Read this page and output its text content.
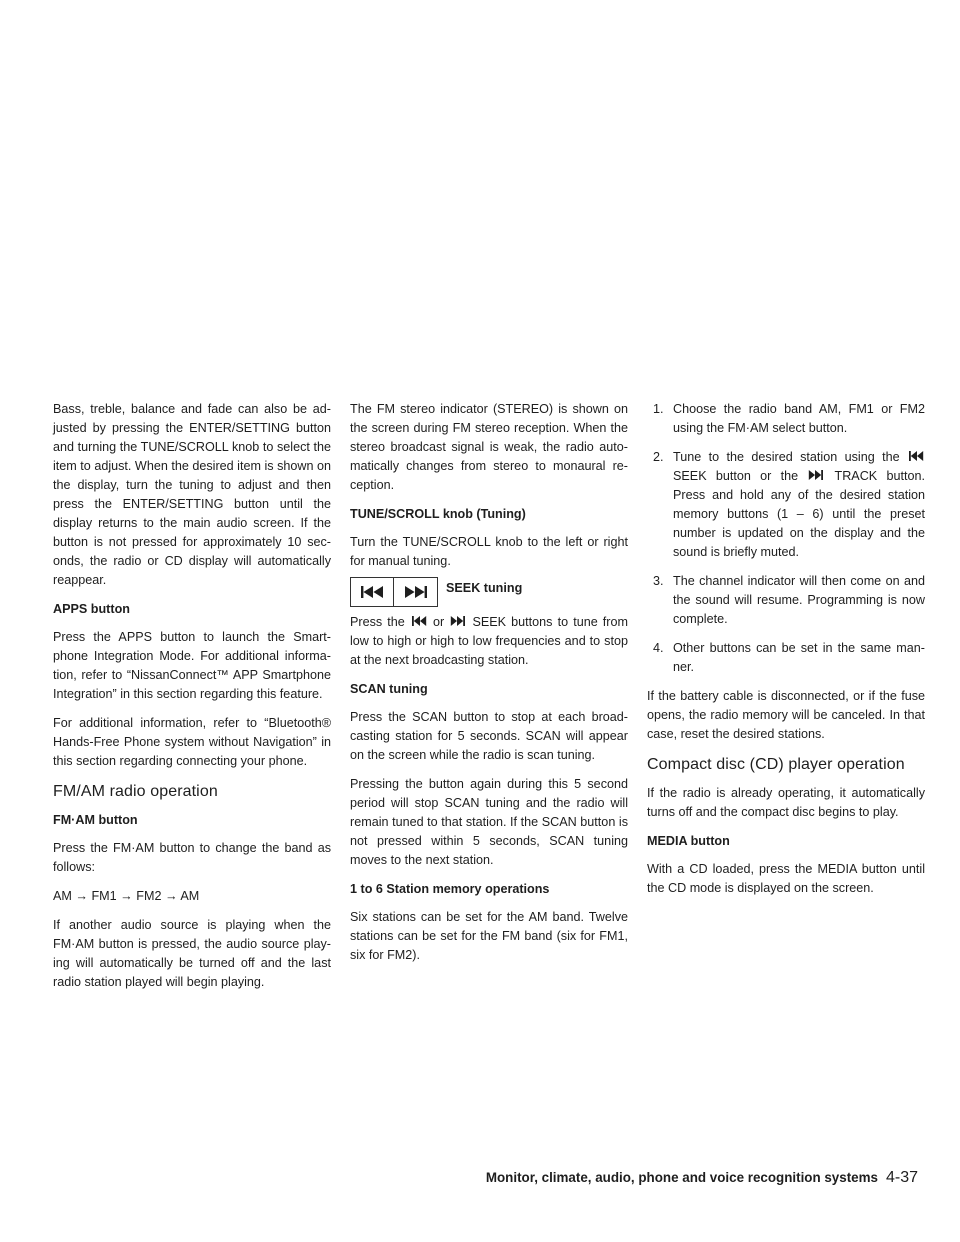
Bass, treble, balance and fade can also be ad-justed by pressing the ENTER/SETTING button and turning the TUNE/SCROLL knob to select the item to adjust. When the desired item is shown on the display, turn the tuning to adjust and then press the ENTER/SETTING button until the display returns to the main audio screen. If the button is not pressed for approximately 10 sec-onds, the radio or CD display will automatically reappear.

APPS button

Press the APPS button to launch the Smart-phone Integration Mode. For additional informa-tion, refer to “NissanConnect™ APP Smartphone Integration” in this section regarding this feature.

For additional information, refer to “Bluetooth® Hands-Free Phone system without Navigation” in this section regarding connecting your phone.

FM/AM radio operation
FM·AM button

Press the FM·AM button to change the band as follows:

AM → FM1 → FM2 → AM

If another audio source is playing when the FM·AM button is pressed, the audio source play-ing will automatically be turned off and the last radio station played will begin playing.

The FM stereo indicator (STEREO) is shown on the screen during FM stereo reception. When the stereo broadcast signal is weak, the radio auto-matically changes from stereo to monaural re-ception.

TUNE/SCROLL knob (Tuning)

Turn the TUNE/SCROLL knob to the left or right for manual tuning.

SEEK tuning

Press the or SEEK buttons to tune from low to high or high to low frequencies and to stop at the next broadcasting station.

SCAN tuning

Press the SCAN button to stop at each broad-casting station for 5 seconds. SCAN will appear on the screen while the radio is scan tuning.

Pressing the button again during this 5 second period will stop SCAN tuning and the radio will remain tuned to that station. If the SCAN button is not pressed within 5 seconds, SCAN tuning moves to the next station.

1 to 6 Station memory operations

Six stations can be set for the AM band. Twelve stations can be set for the FM band (six for FM1, six for FM2).

1. Choose the radio band AM, FM1 or FM2 using the FM·AM select button.
2. Tune to the desired station using the
SEEK button or the	TRACK button. Press and hold any of the desired station memory buttons (1 – 6) until the preset number is updated on the display and the sound is briefly muted.
3. The channel indicator will then come on and the sound will resume. Programming is now complete.
4. Other buttons can be set in the same man-ner.

If the battery cable is disconnected, or if the fuse opens, the radio memory will be canceled. In that case, reset the desired stations.

Compact disc (CD) player operation

If the radio is already operating, it automatically turns off and the compact disc begins to play.

MEDIA button

With a CD loaded, press the MEDIA button until the CD mode is displayed on the screen.

Monitor, climate, audio, phone and voice recognition systems 4-37
